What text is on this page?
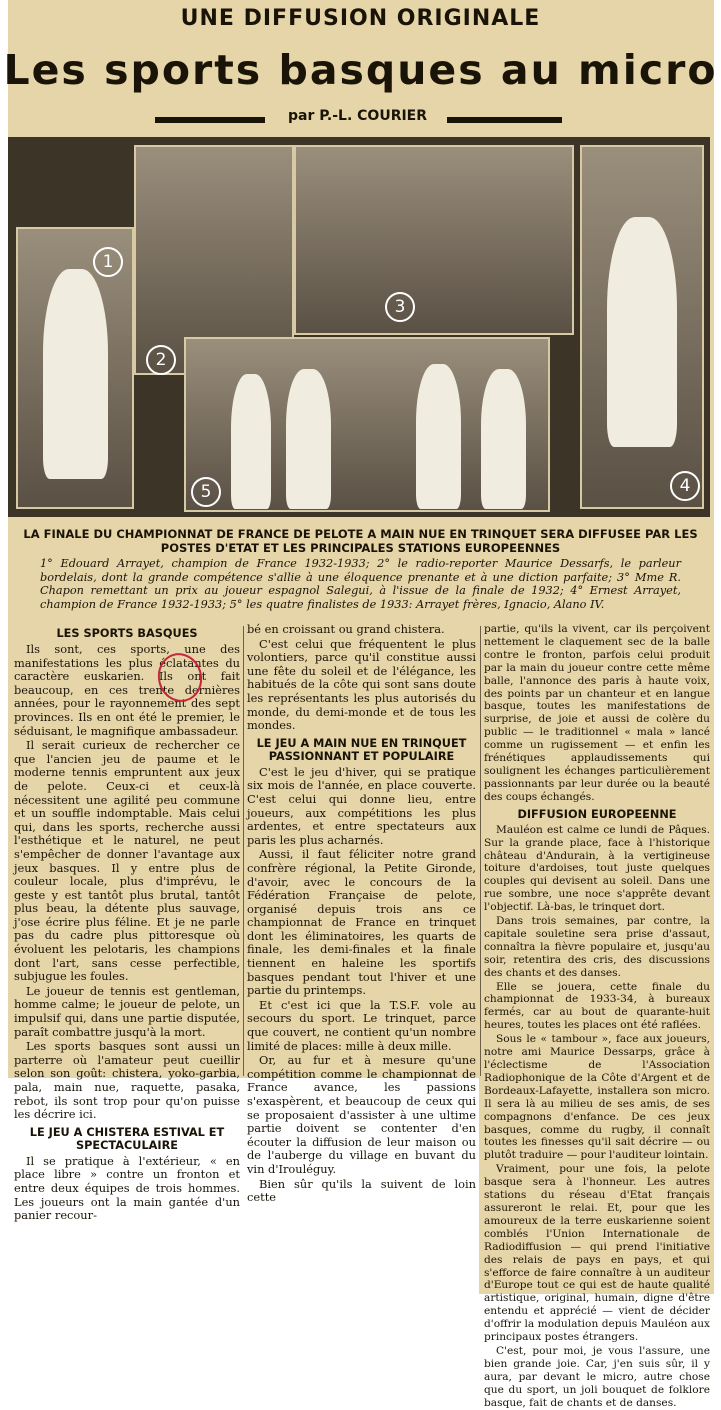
UNE DIFFUSION ORIGINALE
Les sports basques au micro
par P.-L. COURIER
1
2
3
4
5
LA FINALE DU CHAMPIONNAT DE FRANCE DE PELOTE A MAIN NUE EN TRINQUET SERA DIFFUSEE PAR LES POSTES D'ETAT ET LES PRINCIPALES STATIONS EUROPEENNES
1° Edouard Arrayet, champion de France 1932-1933; 2° le radio-reporter Maurice Dessarfs, le parleur bordelais, dont la grande compétence s'allie à une éloquence prenante et à une diction parfaite; 3° Mme R. Chapon remettant un prix au joueur espagnol Salegui, à l'issue de la finale de 1932; 4° Ernest Arrayet, champion de France 1932-1933; 5° les quatre finalistes de 1933: Arrayet frères, Ignacio, Alano IV.
LES SPORTS BASQUES

Ils sont, ces sports, une des manifestations les plus éclatantes du caractère euskarien. Ils ont fait beaucoup, en ces trente dernières années, pour le rayonnement des sept provinces. Ils en ont été le premier, le séduisant, le magnifique ambassadeur.

Il serait curieux de rechercher ce que l'ancien jeu de paume et le moderne tennis empruntent aux jeux de pelote. Ceux-ci et ceux-là nécessitent une agilité peu commune et un souffle indomptable. Mais celui qui, dans les sports, recherche aussi l'esthétique et le naturel, ne peut s'empêcher de donner l'avantage aux jeux basques. Il y entre plus de couleur locale, plus d'imprévu, le geste y est tantôt plus brutal, tantôt plus beau, la détente plus sauvage, j'ose écrire plus féline. Et je ne parle pas du cadre plus pittoresque où évoluent les pelotaris, les champions dont l'art, sans cesse perfectible, subjugue les foules.

Le joueur de tennis est gentleman, homme calme; le joueur de pelote, un impulsif qui, dans une partie disputée, paraît combattre jusqu'à la mort.

Les sports basques sont aussi un parterre où l'amateur peut cueillir selon son goût: chistera, yoko-garbia, pala, main nue, raquette, pasaka, rebot, ils sont trop pour qu'on puisse les décrire ici.

LE JEU A CHISTERA ESTIVAL ET SPECTACULAIRE

Il se pratique à l'extérieur, « en place libre » contre un fronton et entre deux équipes de trois hommes. Les joueurs ont la main gantée d'un panier recour-

bé en croissant ou grand chistera.

C'est celui que fréquentent le plus volontiers, parce qu'il constitue aussi une fête du soleil et de l'élégance, les habitués de la côte qui sont sans doute les représentants les plus autorisés du monde, du demi-monde et de tous les mondes.

LE JEU A MAIN NUE EN TRINQUET PASSIONNANT ET POPULAIRE

C'est le jeu d'hiver, qui se pratique six mois de l'année, en place couverte. C'est celui qui donne lieu, entre joueurs, aux compétitions les plus ardentes, et entre spectateurs aux paris les plus acharnés.

Aussi, il faut féliciter notre grand confrère régional, la Petite Gironde, d'avoir, avec le concours de la Fédération Française de pelote, organisé depuis trois ans ce championnat de France en trinquet dont les éliminatoires, les quarts de finale, les demi-finales et la finale tiennent en haleine les sportifs basques pendant tout l'hiver et une partie du printemps.

Et c'est ici que la T.S.F. vole au secours du sport. Le trinquet, parce que couvert, ne contient qu'un nombre limité de places: mille à deux mille.

Or, au fur et à mesure qu'une compétition comme le championnat de France avance, les passions s'exaspèrent, et beaucoup de ceux qui se proposaient d'assister à une ultime partie doivent se contenter d'en écouter la diffusion de leur maison ou de l'auberge du village en buvant du vin d'Irouléguy.

Bien sûr qu'ils la suivent de loin cette

partie, qu'ils la vivent, car ils perçoivent nettement le claquement sec de la balle contre le fronton, parfois celui produit par la main du joueur contre cette même balle, l'annonce des paris à haute voix, des points par un chanteur et en langue basque, toutes les manifestations de surprise, de joie et aussi de colère du public — le traditionnel « mala » lancé comme un rugissement — et enfin les frénétiques applaudissements qui soulignent les échanges particulièrement passionnants par leur durée ou la beauté des coups échangés.

DIFFUSION EUROPEENNE

Mauléon est calme ce lundi de Pâques. Sur la grande place, face à l'historique château d'Andurain, à la vertigineuse toiture d'ardoises, tout juste quelques couples qui devisent au soleil. Dans une rue sombre, une noce s'apprête devant l'objectif. Là-bas, le trinquet dort.

Dans trois semaines, par contre, la capitale souletine sera prise d'assaut, connaîtra la fièvre populaire et, jusqu'au soir, retentira des cris, des discussions des chants et des danses.

Elle se jouera, cette finale du championnat de 1933-34, à bureaux fermés, car au bout de quarante-huit heures, toutes les places ont été raflées.

Sous le « tambour », face aux joueurs, notre ami Maurice Dessarps, grâce à l'éclectisme de l'Association Radiophonique de la Côte d'Argent et de Bordeaux-Lafayette, installera son micro. Il sera là au milieu de ses amis, de ses compagnons d'enfance. De ces jeux basques, comme du rugby, il connaît toutes les finesses qu'il sait décrire — ou plutôt traduire — pour l'auditeur lointain.

Vraiment, pour une fois, la pelote basque sera à l'honneur. Les autres stations du réseau d'Etat français assureront le relai. Et, pour que les amoureux de la terre euskarienne soient comblés l'Union Internationale de Radiodiffusion — qui prend l'initiative des relais de pays en pays, et qui s'efforce de faire connaître à un auditeur d'Europe tout ce qui est de haute qualité artistique, original, humain, digne d'être entendu et apprécié — vient de décider d'offrir la modulation depuis Mauléon aux principaux postes étrangers.

C'est, pour moi, je vous l'assure, une bien grande joie. Car, j'en suis sûr, il y aura, par devant le micro, autre chose que du sport, un joli bouquet de folklore basque, fait de chants et de danses.
